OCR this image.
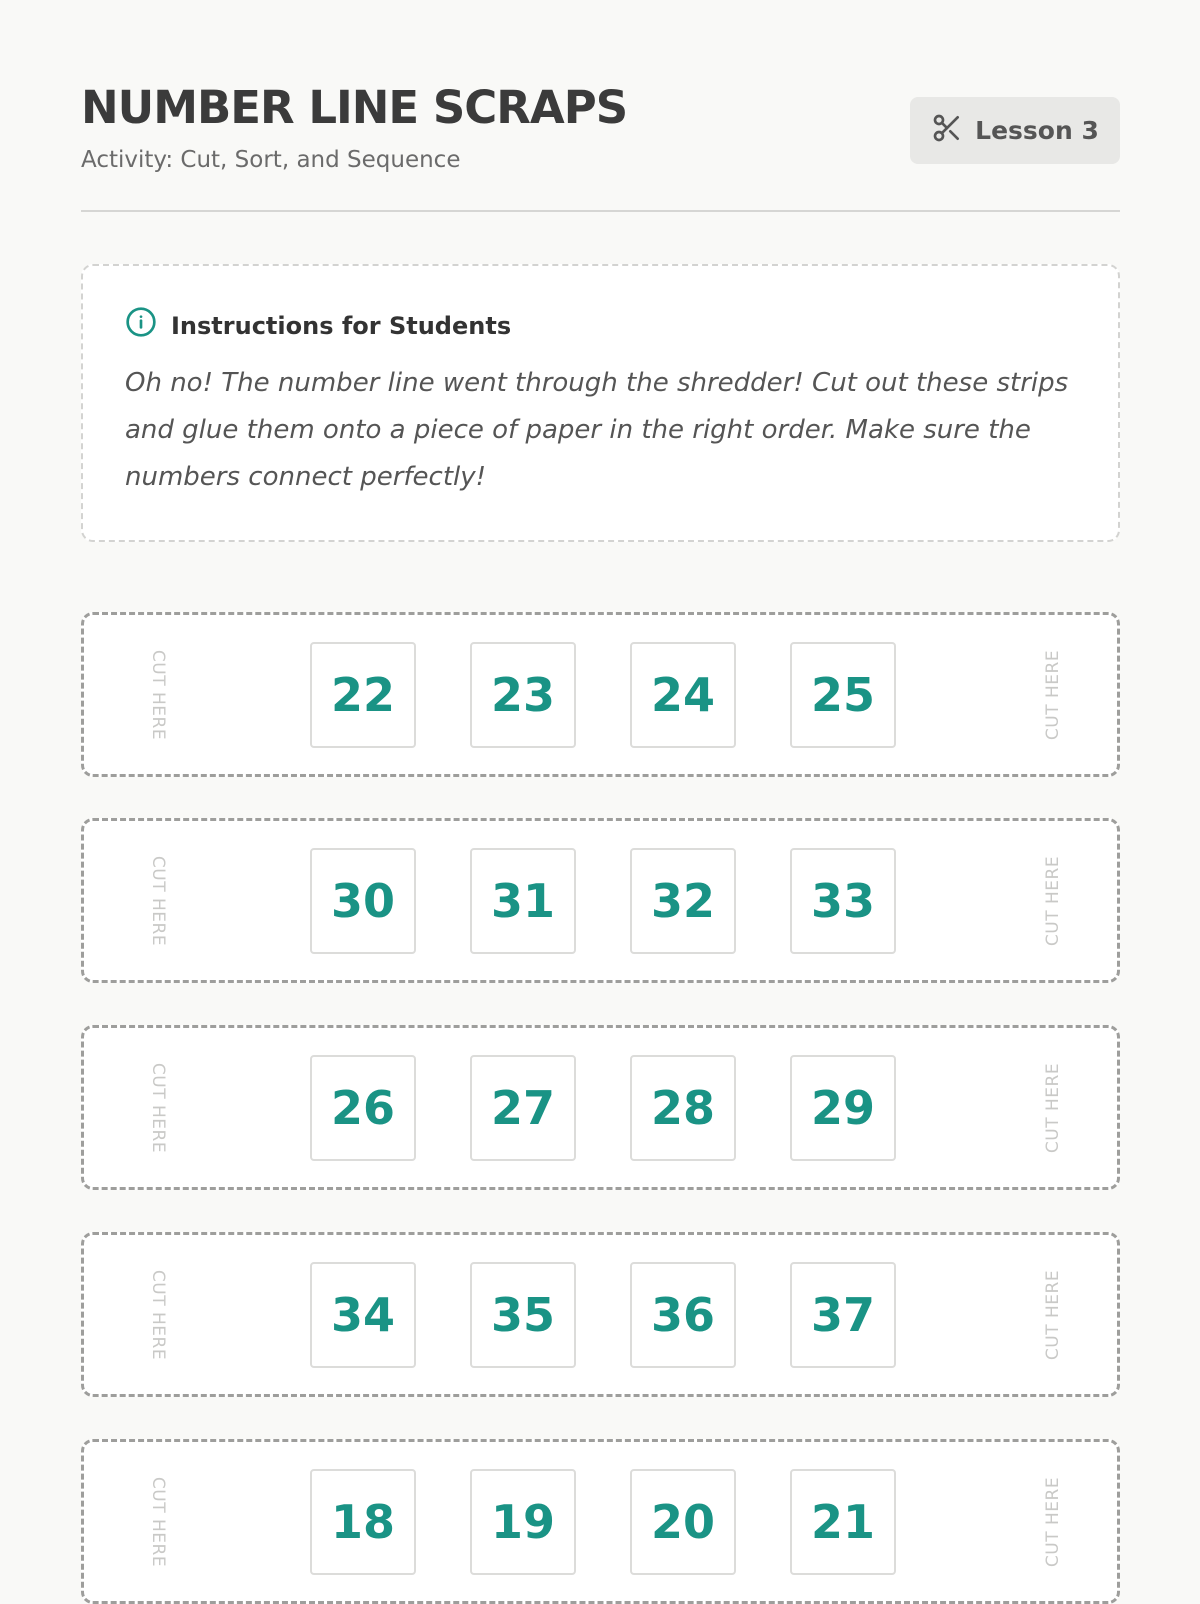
NUMBER LINE SCRAPS
Activity: Cut, Sort, and Sequence
Lesson 3
Instructions for Students
Oh no! The number line went through the shredder! Cut out these strips and glue them onto a piece of paper in the right order. Make sure the numbers connect perfectly!
CUT HERE	22	23	24	25	CUT HERE
CUT HERE	30	31	32	33	CUT HERE
CUT HERE	26	27	28	29	CUT HERE
CUT HERE	34	35	36	37	CUT HERE
CUT HERE	18	19	20	21	CUT HERE
